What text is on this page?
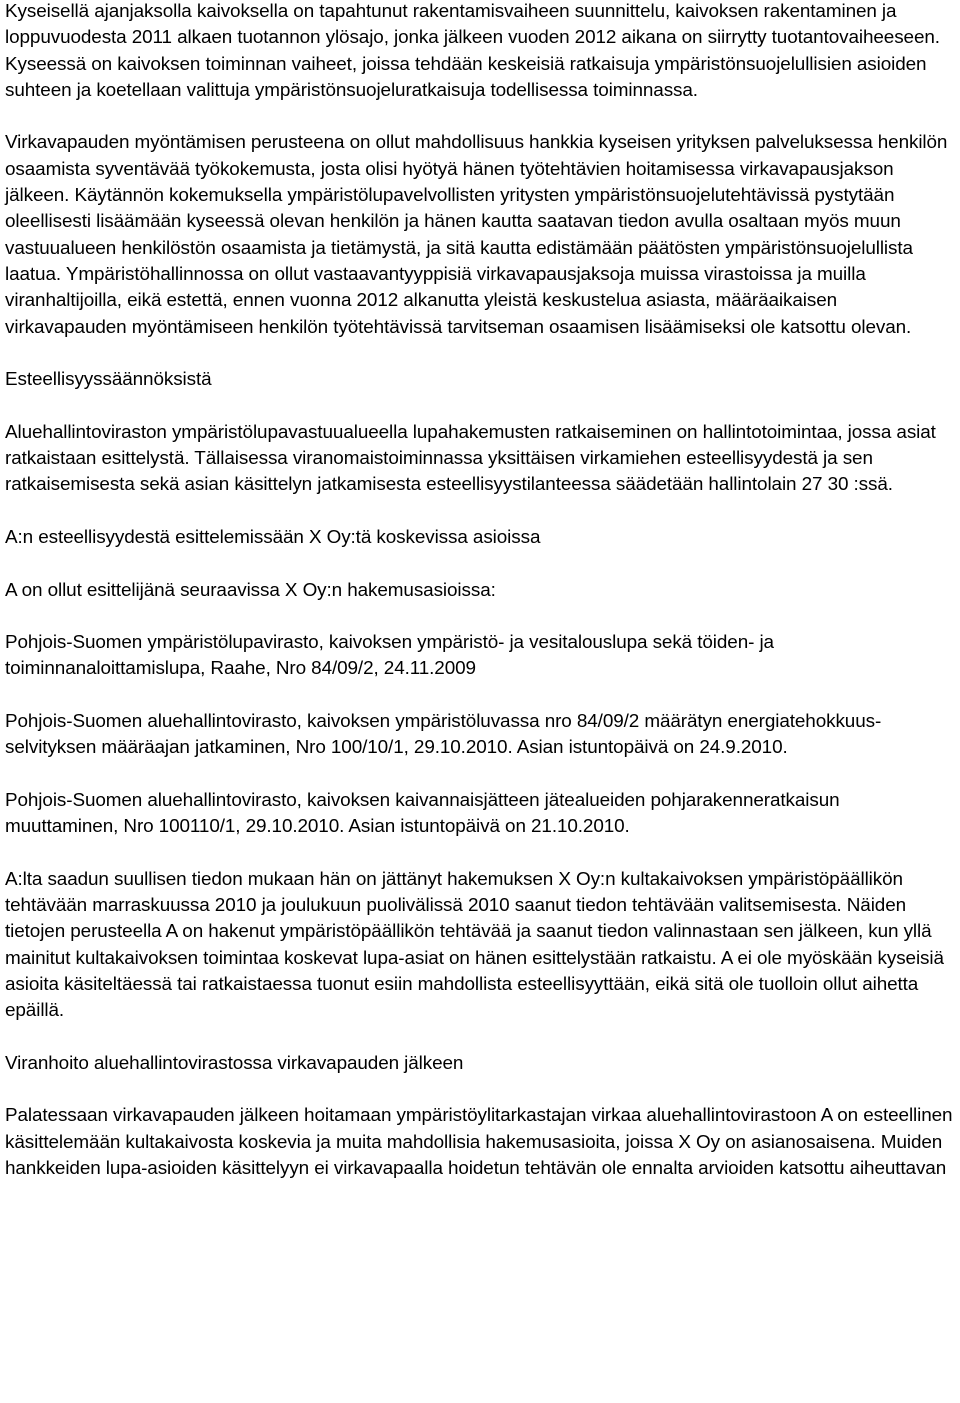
Kyseisellä ajanjaksolla kaivoksella on tapahtunut rakentamisvaiheen suunnittelu, kaivoksen rakentaminen ja loppuvuodesta 2011 alkaen tuotannon ylösajo, jonka jälkeen vuoden 2012 aikana on siirrytty tuotantovaiheeseen. Kyseessä on kaivoksen toiminnan vaiheet, joissa tehdään keskeisiä ratkaisuja ympäristönsuojelullisien asioiden suhteen ja koetellaan valittuja ympäristönsuojeluratkaisuja todellisessa toiminnassa.

Virkavapauden myöntämisen perusteena on ollut mahdollisuus hankkia kyseisen yrityksen palveluksessa henkilön osaamista syventävää työkokemusta, josta olisi hyötyä hänen työtehtävien hoitamisessa virkavapausjakson jälkeen. Käytännön kokemuksella ympäristölupavelvollisten yritysten ympäristönsuojelutehtävissä pystytään oleellisesti lisäämään kyseessä olevan henkilön ja hänen kautta saatavan tiedon avulla osaltaan myös muun vastuualueen henkilöstön osaamista ja tietämystä, ja sitä kautta edistämään päätösten ympäristönsuojelullista laatua. Ympäristöhallinnossa on ollut vastaavantyyppisiä virkavapausjaksoja muissa virastoissa ja muilla viranhaltijoilla, eikä estettä, ennen vuonna 2012 alkanutta yleistä keskustelua asiasta, määräaikaisen virkavapauden myöntämiseen henkilön työtehtävissä tarvitseman osaamisen lisäämiseksi ole katsottu olevan.

Esteellisyyssäännöksistä

Aluehallintoviraston ympäristölupavastuualueella lupahakemusten ratkaiseminen on hallintotoimintaa, jossa asiat ratkaistaan esittelystä. Tällaisessa viranomaistoiminnassa yksittäisen virkamiehen esteellisyydestä ja sen ratkaisemisesta sekä asian käsittelyn jatkamisesta esteellisyystilanteessa säädetään hallintolain 27 30 :ssä.

A:n esteellisyydestä esittelemissään X Oy:tä koskevissa asioissa

A on ollut esittelijänä seuraavissa X Oy:n hakemusasioissa:

Pohjois-Suomen ympäristölupavirasto, kaivoksen ympäristö- ja vesitalouslupa sekä töiden- ja toiminnanaloittamislupa, Raahe, Nro 84/09/2, 24.11.2009

Pohjois-Suomen aluehallintovirasto, kaivoksen ympäristöluvassa nro 84/09/2 määrätyn energiatehokkuus-selvityksen määräajan jatkaminen, Nro 100/10/1, 29.10.2010. Asian istuntopäivä on 24.9.2010.

Pohjois-Suomen aluehallintovirasto, kaivoksen kaivannaisjätteen jätealueiden pohjarakenneratkaisun muuttaminen, Nro 100110/1, 29.10.2010. Asian istuntopäivä on 21.10.2010.

A:lta saadun suullisen tiedon mukaan hän on jättänyt hakemuksen X Oy:n kultakaivoksen ympäristöpäällikön tehtävään marraskuussa 2010 ja joulukuun puolivälissä 2010 saanut tiedon tehtävään valitsemisesta. Näiden tietojen perusteella A on hakenut ympäristöpäällikön tehtävää ja saanut tiedon valinnastaan sen jälkeen, kun yllä mainitut kultakaivoksen toimintaa koskevat lupa-asiat on hänen esittelystään ratkaistu. A ei ole myöskään kyseisiä asioita käsiteltäessä tai ratkaistaessa tuonut esiin mahdollista esteellisyyttään, eikä sitä ole tuolloin ollut aihetta epäillä.

Viranhoito aluehallintovirastossa virkavapauden jälkeen

Palatessaan virkavapauden jälkeen hoitamaan ympäristöylitarkastajan virkaa aluehallintovirastoon A on esteellinen käsittelemään kultakaivosta koskevia ja muita mahdollisia hakemusasioita, joissa X Oy on asianosaisena. Muiden hankkeiden lupa-asioiden käsittelyyn ei virkavapaalla hoidetun tehtävän ole ennalta arvioiden katsottu aiheuttavan
